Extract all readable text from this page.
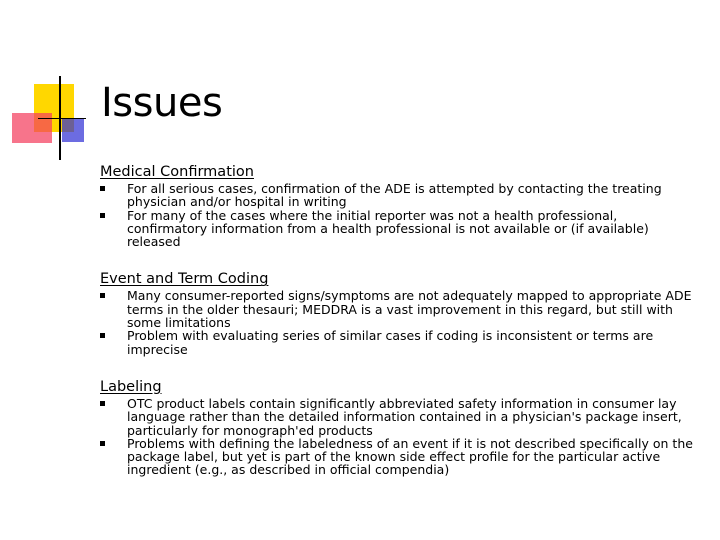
Issues
Medical Confirmation
For all serious cases, confirmation of the ADE is attempted by contacting the treating physician and/or hospital in writing
For many of the cases where the initial reporter was not a health professional, confirmatory information from a health professional is not available or (if available) released
Event and Term Coding
Many consumer-reported signs/symptoms are not adequately mapped to appropriate ADE terms in the older thesauri; MEDDRA is a vast improvement in this regard, but still with some limitations
Problem with evaluating series of similar cases if coding is inconsistent or terms are imprecise
Labeling
OTC product labels contain significantly abbreviated safety information in consumer lay language rather than the detailed information contained in a physician's package insert, particularly for monograph'ed products
Problems with defining the labeledness of an event if it is not described specifically on the package label, but yet is part of the known side effect profile for the particular active ingredient (e.g., as described in official compendia)
